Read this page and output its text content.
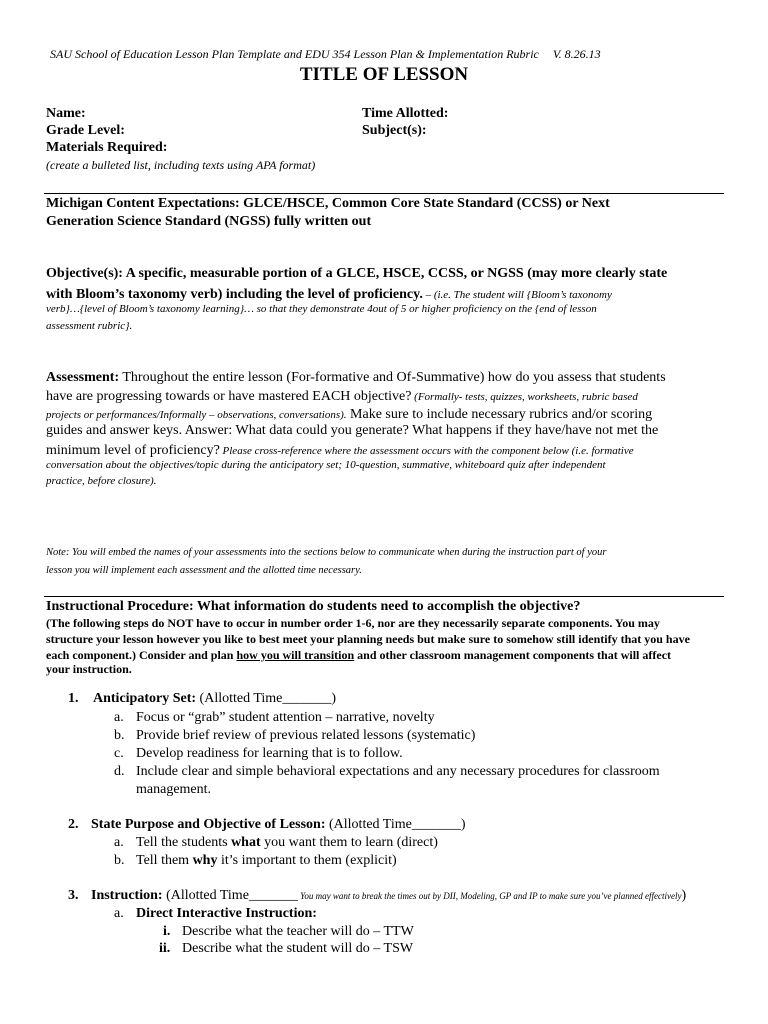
SAU School of Education Lesson Plan Template and EDU 354 Lesson Plan & Implementation Rubric V. 8.26.13
TITLE OF LESSON
Name:	Time Allotted:
Grade Level:	Subject(s):
Materials Required:
(create a bulleted list, including texts using APA format)
Michigan Content Expectations: GLCE/HSCE, Common Core State Standard (CCSS) or Next
Generation Science Standard (NGSS) fully written out
Objective(s): A specific, measurable portion of a GLCE, HSCE, CCSS, or NGSS (may more clearly state
with Bloom’s taxonomy verb) including the level of proficiency. – (i.e. The student will {Bloom’s taxonomy
verb}…{level of Bloom’s taxonomy learning}… so that they demonstrate 4out of 5 or higher proficiency on the {end of lesson
assessment rubric}.
Assessment: Throughout the entire lesson (For-formative and Of-Summative) how do you assess that students
have are progressing towards or have mastered EACH objective? (Formally- tests, quizzes, worksheets, rubric based
projects or performances/Informally – observations, conversations). Make sure to include necessary rubrics and/or scoring
guides and answer keys. Answer: What data could you generate? What happens if they have/have not met the
minimum level of proficiency? Please cross-reference where the assessment occurs with the component below (i.e. formative
conversation about the objectives/topic during the anticipatory set; 10-question, summative, whiteboard quiz after independent
practice, before closure).
Note: You will embed the names of your assessments into the sections below to communicate when during the instruction part of your
lesson you will implement each assessment and the allotted time necessary.
Instructional Procedure: What information do students need to accomplish the objective?
(The following steps do NOT have to occur in number order 1-6, nor are they necessarily separate components. You may
structure your lesson however you like to best meet your planning needs but make sure to somehow still identify that you have
each component.) Consider and plan how you will transition and other classroom management components that will affect
your instruction.
1. Anticipatory Set: (Allotted Time_______)
a. Focus or “grab” student attention – narrative, novelty
b. Provide brief review of previous related lessons (systematic)
c. Develop readiness for learning that is to follow.
d. Include clear and simple behavioral expectations and any necessary procedures for classroom
management.
2. State Purpose and Objective of Lesson: (Allotted Time_______)
a. Tell the students what you want them to learn (direct)
b. Tell them why it’s important to them (explicit)
3. Instruction: (Allotted Time_______ You may want to break the times out by DII, Modeling, GP and IP to make sure you’ve planned effectively)
a. Direct Interactive Instruction:
i. Describe what the teacher will do – TTW
ii. Describe what the student will do – TSW
